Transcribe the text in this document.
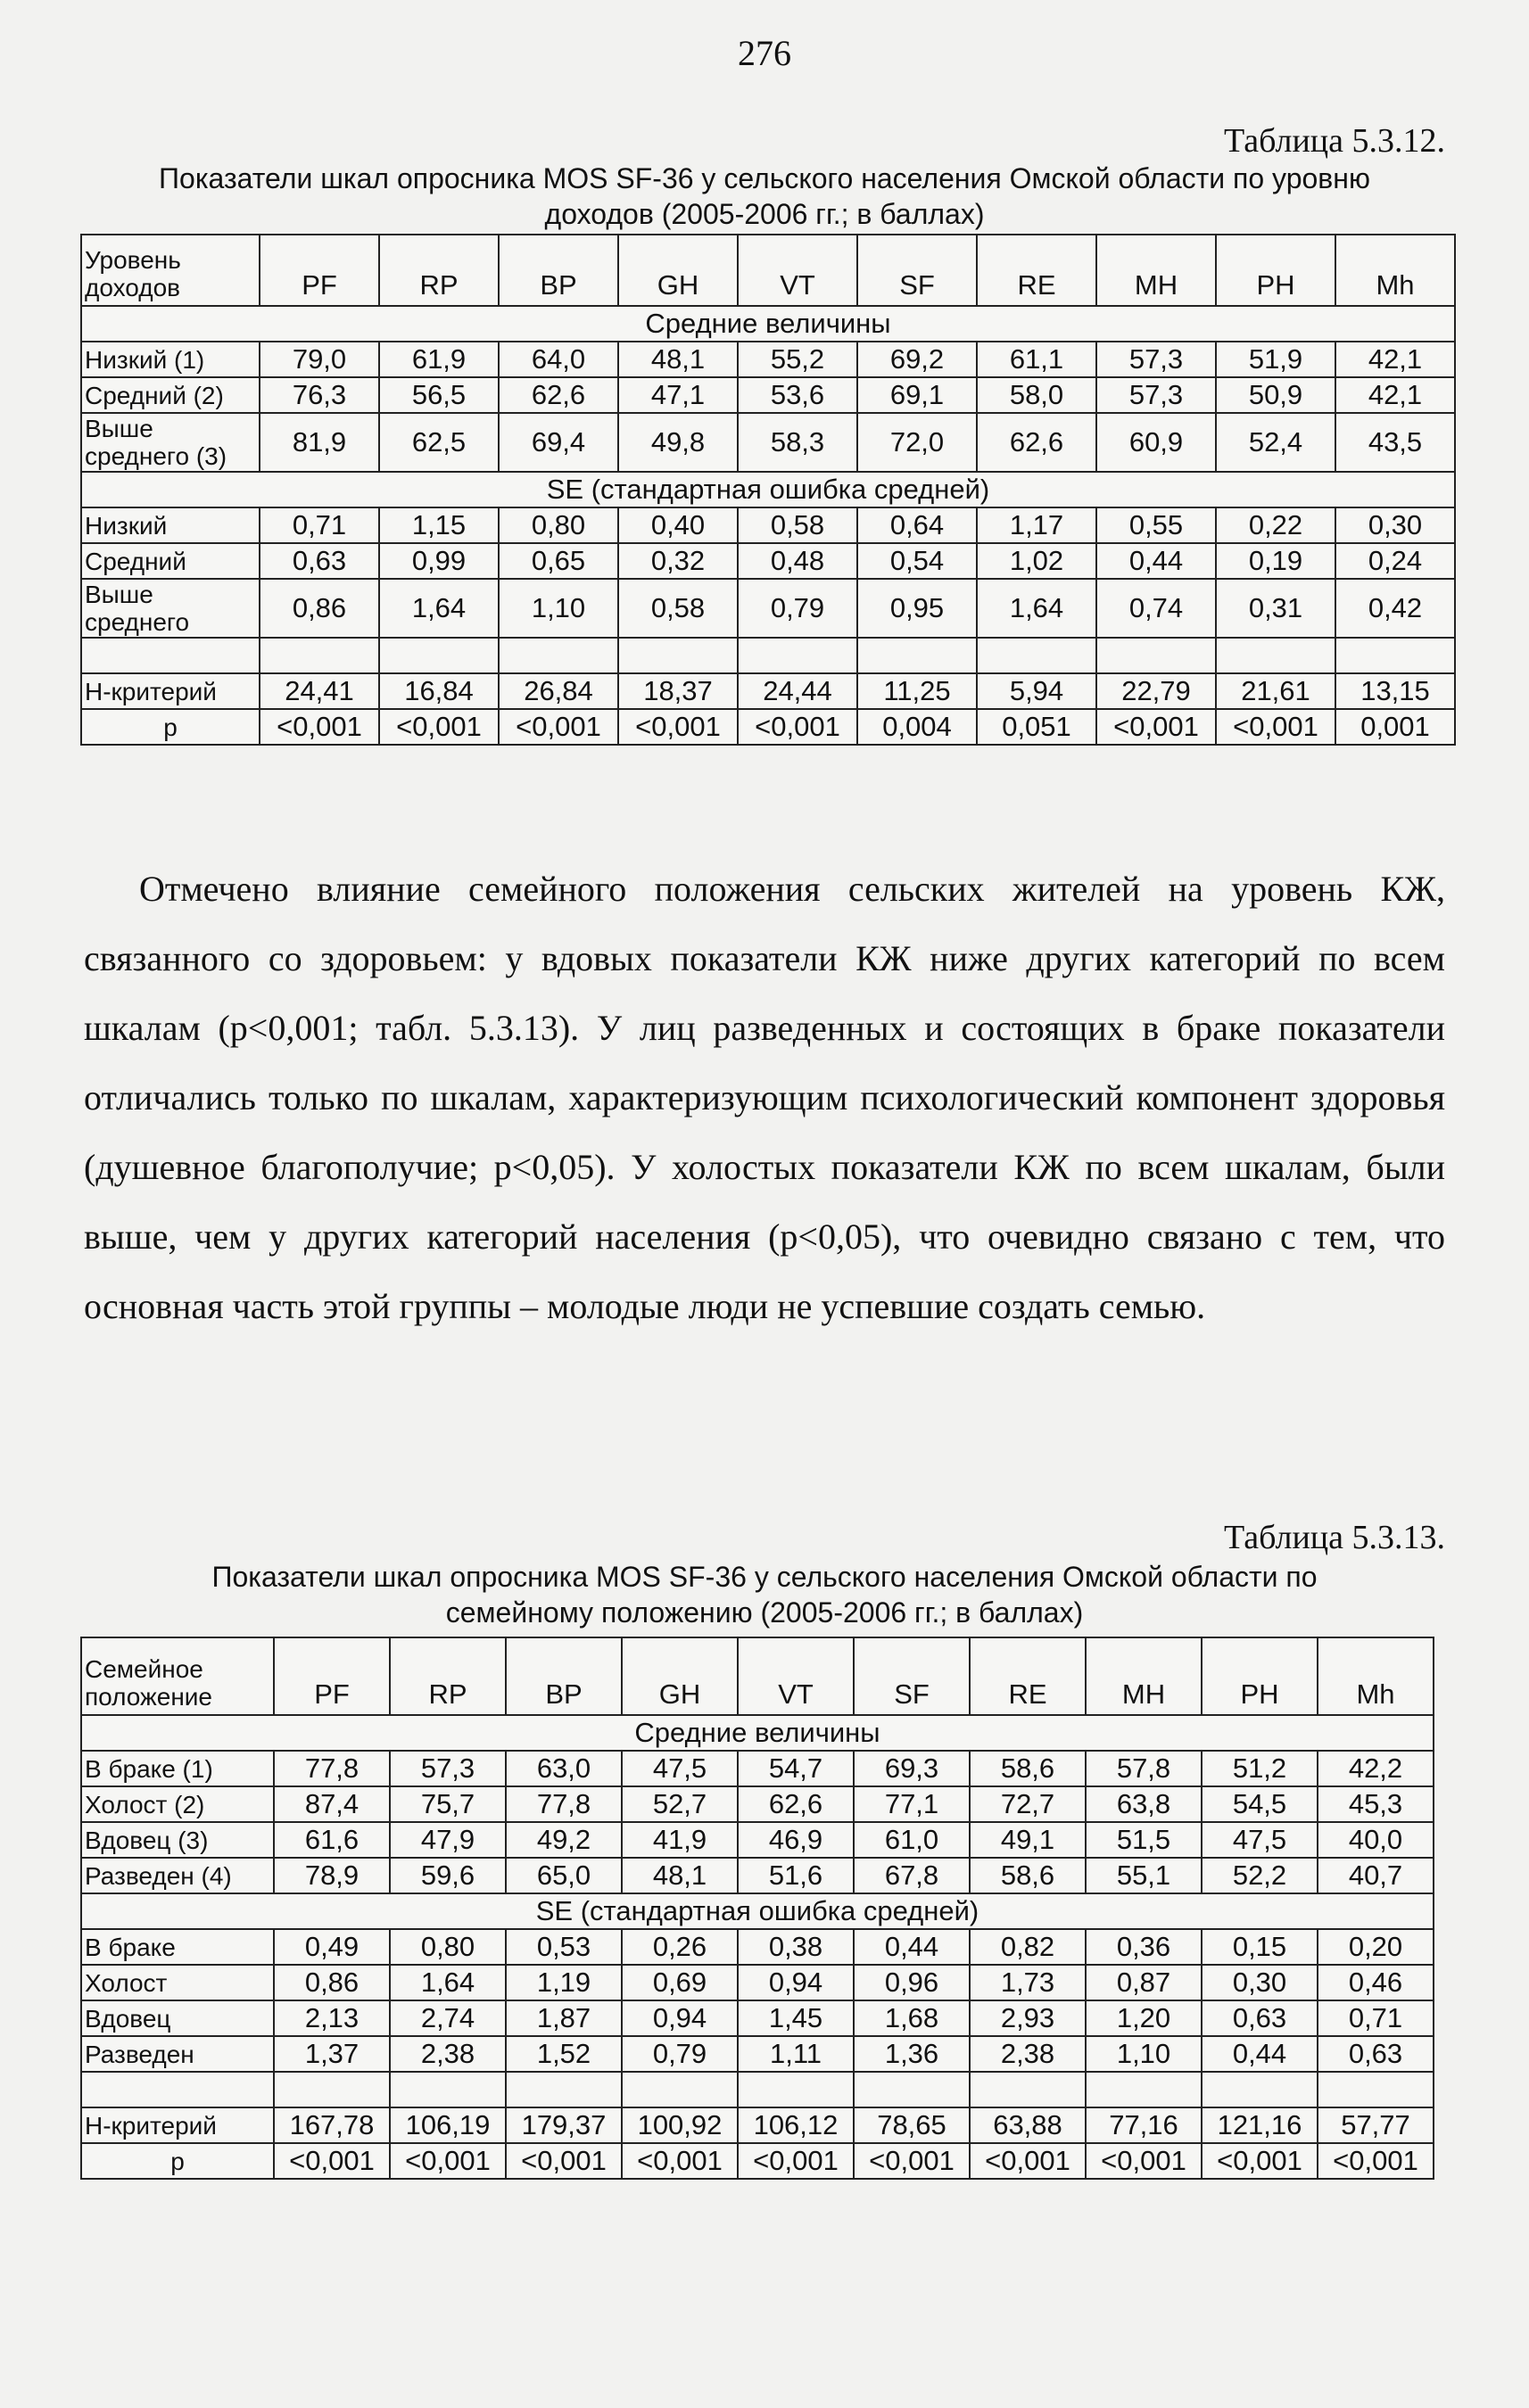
276
Таблица 5.3.12.
Показатели шкал опросника MOS SF-36 у сельского населения Омской области по уровню
доходов (2005-2006 гг.; в баллах)
Уровень доходов	PF	RP	BP	GH	VT	SF	RE	MH	PH	Mh
Средние величины										
Низкий (1)	79,0	61,9	64,0	48,1	55,2	69,2	61,1	57,3	51,9	42,1
Средний (2)	76,3	56,5	62,6	47,1	53,6	69,1	58,0	57,3	50,9	42,1
Выше среднего (3)	81,9	62,5	69,4	49,8	58,3	72,0	62,6	60,9	52,4	43,5
SE (стандартная ошибка средней)										
Низкий	0,71	1,15	0,80	0,40	0,58	0,64	1,17	0,55	0,22	0,30
Средний	0,63	0,99	0,65	0,32	0,48	0,54	1,02	0,44	0,19	0,24
Выше среднего	0,86	1,64	1,10	0,58	0,79	0,95	1,64	0,74	0,31	0,42

Н-критерий	24,41	16,84	26,84	18,37	24,44	11,25	5,94	22,79	21,61	13,15
р	<0,001	<0,001	<0,001	<0,001	<0,001	0,004	0,051	<0,001	<0,001	0,001

Отмечено влияние семейного положения сельских жителей на уровень КЖ, связанного со здоровьем: у вдовых показатели КЖ ниже других категорий по всем шкалам (р<0,001; табл. 5.3.13). У лиц разведенных и состоящих в браке показатели отличались только по шкалам, характеризующим психологический компонент здоровья (душевное благополучие; р<0,05). У холостых показатели КЖ по всем шкалам, были выше, чем у других категорий населения (р<0,05), что очевидно связано с тем, что основная часть этой группы – молодые люди не успевшие создать семью.

Таблица 5.3.13.
Показатели шкал опросника MOS SF-36 у сельского населения Омской области по
семейному положению (2005-2006 гг.; в баллах)
Семейное положение	PF	RP	BP	GH	VT	SF	RE	MH	PH	Mh
Средние величины										
В браке (1)	77,8	57,3	63,0	47,5	54,7	69,3	58,6	57,8	51,2	42,2
Холост (2)	87,4	75,7	77,8	52,7	62,6	77,1	72,7	63,8	54,5	45,3
Вдовец (3)	61,6	47,9	49,2	41,9	46,9	61,0	49,1	51,5	47,5	40,0
Разведен (4)	78,9	59,6	65,0	48,1	51,6	67,8	58,6	55,1	52,2	40,7
SE (стандартная ошибка средней)										
В браке	0,49	0,80	0,53	0,26	0,38	0,44	0,82	0,36	0,15	0,20
Холост	0,86	1,64	1,19	0,69	0,94	0,96	1,73	0,87	0,30	0,46
Вдовец	2,13	2,74	1,87	0,94	1,45	1,68	2,93	1,20	0,63	0,71
Разведен	1,37	2,38	1,52	0,79	1,11	1,36	2,38	1,10	0,44	0,63

Н-критерий	167,78	106,19	179,37	100,92	106,12	78,65	63,88	77,16	121,16	57,77
р	<0,001	<0,001	<0,001	<0,001	<0,001	<0,001	<0,001	<0,001	<0,001	<0,001
